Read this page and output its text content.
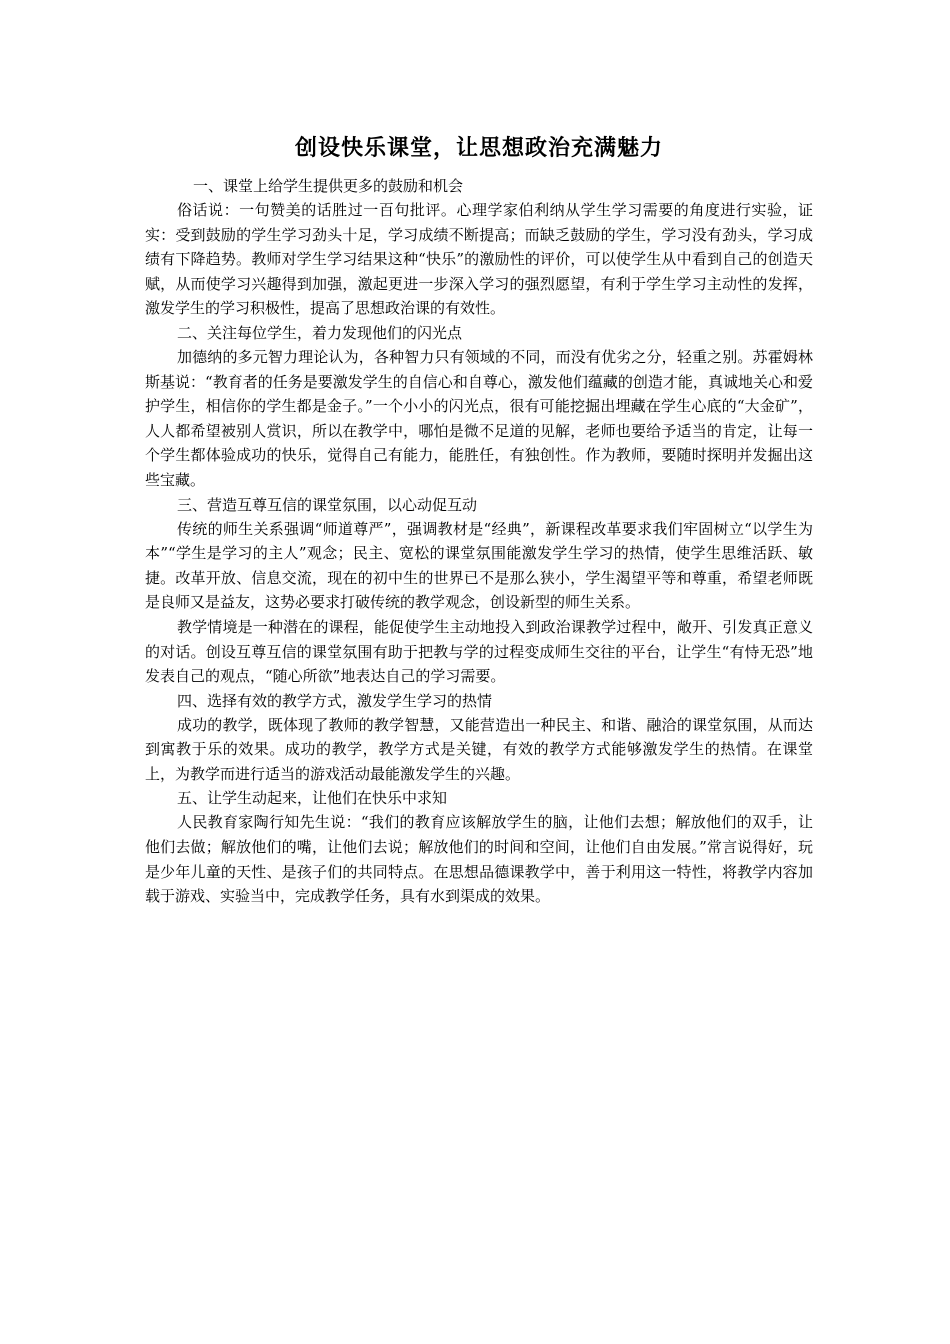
创设快乐课堂，让思想政治充满魅力

一、课堂上给学生提供更多的鼓励和机会

俗话说：一句赞美的话胜过一百句批评。心理学家伯利纳从学生学习需要的角度进行实验，证实：受到鼓励的学生学习劲头十足，学习成绩不断提高；而缺乏鼓励的学生，学习没有劲头，学习成绩有下降趋势。教师对学生学习结果这种“快乐”的激励性的评价，可以使学生从中看到自己的创造天赋，从而使学习兴趣得到加强，激起更进一步深入学习的强烈愿望，有利于学生学习主动性的发挥，激发学生的学习积极性，提高了思想政治课的有效性。

二、关注每位学生，着力发现他们的闪光点

加德纳的多元智力理论认为，各种智力只有领域的不同，而没有优劣之分，轻重之别。苏霍姆林斯基说：“教育者的任务是要激发学生的自信心和自尊心，激发他们蕴藏的创造才能，真诚地关心和爱护学生，相信你的学生都是金子。”一个小小的闪光点，很有可能挖掘出埋藏在学生心底的“大金矿”，人人都希望被别人赏识，所以在教学中，哪怕是微不足道的见解，老师也要给予适当的肯定，让每一个学生都体验成功的快乐，觉得自己有能力，能胜任，有独创性。作为教师，要随时探明并发掘出这些宝藏。

三、营造互尊互信的课堂氛围，以心动促互动

传统的师生关系强调“师道尊严”，强调教材是“经典”，新课程改革要求我们牢固树立“以学生为本”“学生是学习的主人”观念；民主、宽松的课堂氛围能激发学生学习的热情，使学生思维活跃、敏捷。改革开放、信息交流，现在的初中生的世界已不是那么狭小，学生渴望平等和尊重，希望老师既是良师又是益友，这势必要求打破传统的教学观念，创设新型的师生关系。

教学情境是一种潜在的课程，能促使学生主动地投入到政治课教学过程中，敞开、引发真正意义的对话。创设互尊互信的课堂氛围有助于把教与学的过程变成师生交往的平台，让学生“有恃无恐”地发表自己的观点，“随心所欲”地表达自己的学习需要。

四、选择有效的教学方式，激发学生学习的热情

成功的教学，既体现了教师的教学智慧，又能营造出一种民主、和谐、融洽的课堂氛围，从而达到寓教于乐的效果。成功的教学，教学方式是关键，有效的教学方式能够激发学生的热情。在课堂上，为教学而进行适当的游戏活动最能激发学生的兴趣。

五、让学生动起来，让他们在快乐中求知

人民教育家陶行知先生说：“我们的教育应该解放学生的脑，让他们去想；解放他们的双手，让他们去做；解放他们的嘴，让他们去说；解放他们的时间和空间，让他们自由发展。”常言说得好，玩是少年儿童的天性、是孩子们的共同特点。在思想品德课教学中，善于利用这一特性，将教学内容加载于游戏、实验当中，完成教学任务，具有水到渠成的效果。
